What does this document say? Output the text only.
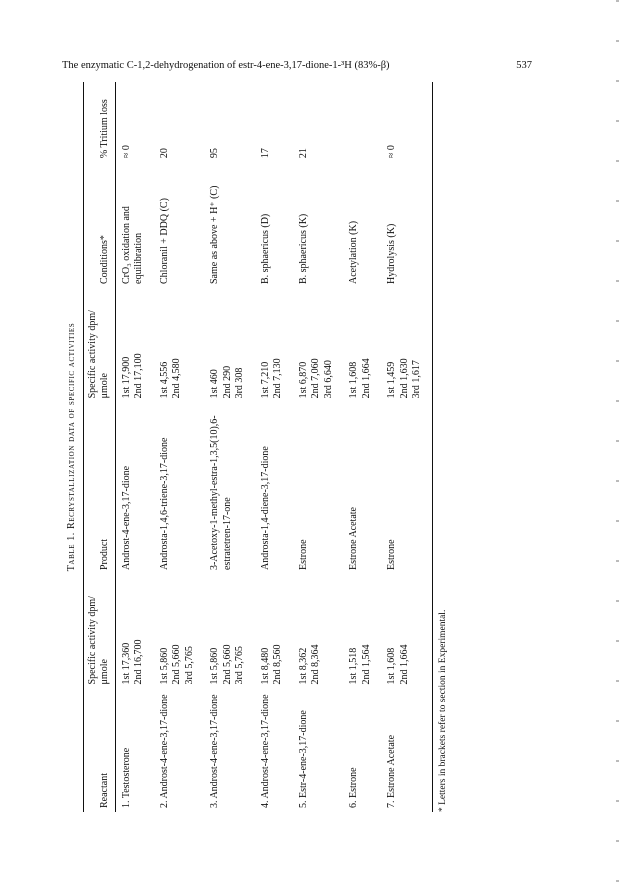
The enzymatic C-1,2-dehydrogenation of estr-4-ene-3,17-dione-1-³H (83%-β)	537
Table 1. Recrystallization data of specific activities
Reactant	Specific activity dpm/μmole	Product	Specific activity dpm/μmole	Conditions*	% Tritium loss
1. Testosterone	1st 17,360 2nd 16,700	Androst-4-ene-3,17-dione	1st 17,900 2nd 17,100	CrO₃ oxidation and equilibration	≈ 0
2. Androst-4-ene-3,17-dione	1st 5,860 2nd 5,660 3rd 5,765	Androsta-1,4,6-triene-3,17-dione	1st 4,556 2nd 4,580	Chloranil + DDQ (C)	20
3. Androst-4-ene-3,17-dione	1st 5,860 2nd 5,660 3rd 5,765	3-Acetoxy-1-methyl-estra-1,3,5(10),6-estratetren-17-one	1st 460 2nd 290 3rd 308	Same as above + H⁺ (C)	95
4. Androst-4-ene-3,17-dione	1st 8,480 2nd 8,560	Androsta-1,4-diene-3,17-dione	1st 7,210 2nd 7,130	B. sphaericus (D)	17
5. Estr-4-ene-3,17-dione	1st 8,362 2nd 8,364	Estrone	1st 6,870 2nd 7,060 3rd 6,640	B. sphaericus (K)	21
6. Estrone	1st 1,518 2nd 1,564	Estrone Acetate	1st 1,608 2nd 1,664	Acetylation (K)	
7. Estrone Acetate	1st 1,608 2nd 1,664	Estrone	1st 1,459 2nd 1,630 3rd 1,617	Hydrolysis (K)	≈ 0
* Letters in brackets refer to section in Experimental.
